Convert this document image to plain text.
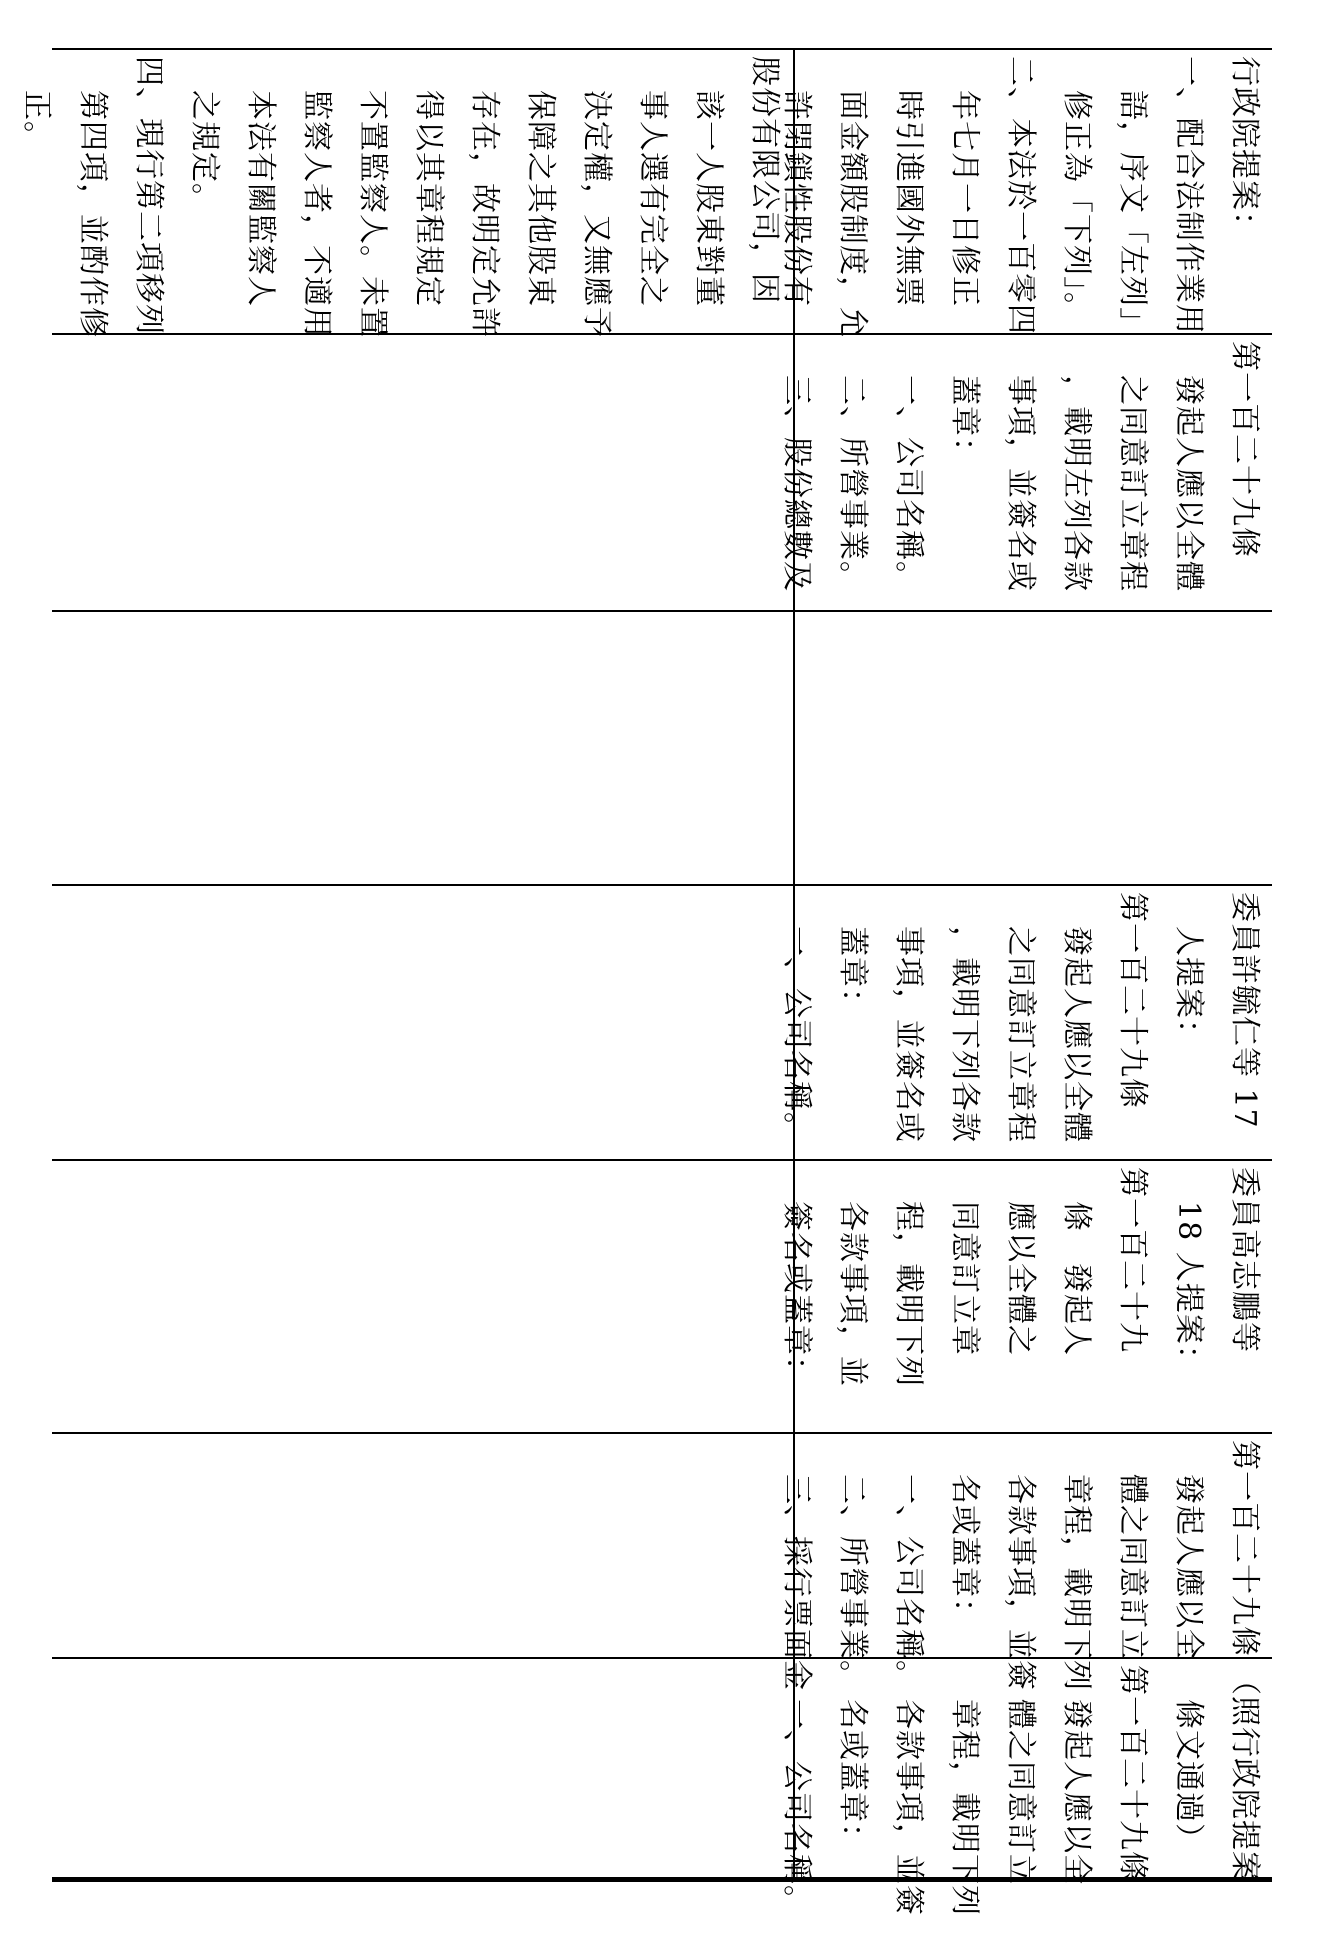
股份有限公司，因
該一人股東對董
事人選有完全之
決定權，又無應予
保障之其他股東
存在，故明定允許
得以其章程規定
不置監察人。未置
監察人者，不適用
本法有關監察人
之規定。
四、現行第二項移列
第四項，並酌作修
正。	行政院提案：
一、配合法制作業用
語，序文「左列」
修正為「下列」。
二、本法於一百零四
年七月一日修正
時引進國外無票
面金額股制度，允
許閉鎖性股份有
第一百二十九條
發起人應以全體
之同意訂立章程
，載明左列各款
事項，並簽名或
蓋章：
一、公司名稱。
二、所營事業。
三、股份總數及
委員許毓仁等 17
人提案：
第一百二十九條
發起人應以全體
之同意訂立章程
，載明下列各款
事項，並簽名或
蓋章：
一、公司名稱。
委員高志鵬等
18 人提案：
第一百二十九
條　發起人
應以全體之
同意訂立章
程，載明下列
各款事項，並
簽名或蓋章：
第一百二十九條
發起人應以全
體之同意訂立
章程，載明下列
各款事項，並簽
名或蓋章：
一、公司名稱。
二、所營事業。
三、採行票面金
（照行政院提案
條文通過）
第一百二十九條
發起人應以全
體之同意訂立
章程，載明下列
各款事項，並簽
名或蓋章：
一、公司名稱。
